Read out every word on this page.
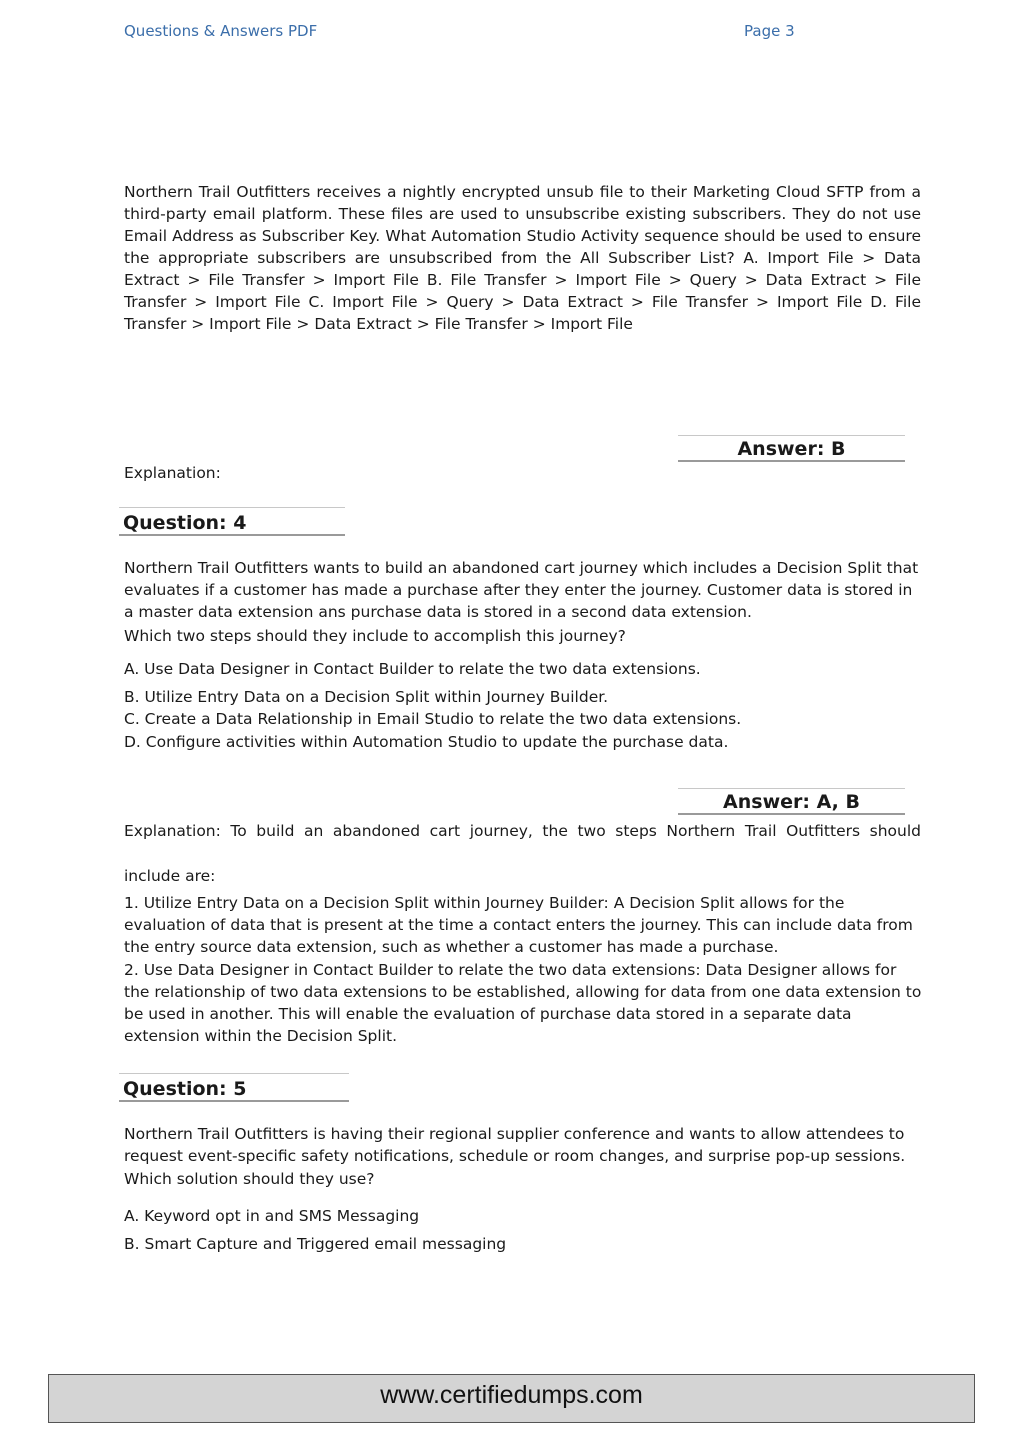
Questions & Answers PDF	Page 3

Northern Trail Outfitters receives a nightly encrypted unsub file to their Marketing Cloud SFTP from a third-party email platform. These files are used to unsubscribe existing subscribers. They do not use Email Address as Subscriber Key. What Automation Studio Activity sequence should be used to ensure the appropriate subscribers are unsubscribed from the All Subscriber List? A. Import File > Data Extract > File Transfer > Import File B. File Transfer > Import File > Query > Data Extract > File Transfer > Import File C. Import File > Query > Data Extract > File Transfer > Import File D. File Transfer > Import File > Data Extract > File Transfer > Import File

Answer: B
Explanation:
Question: 4
Northern Trail Outfitters wants to build an abandoned cart journey which includes a Decision Split that evaluates if a customer has made a purchase after they enter the journey. Customer data is stored in a master data extension ans purchase data is stored in a second data extension.
Which two steps should they include to accomplish this journey?
A. Use Data Designer in Contact Builder to relate the two data extensions.
B. Utilize Entry Data on a Decision Split within Journey Builder.
C. Create a Data Relationship in Email Studio to relate the two data extensions.
D. Configure activities within Automation Studio to update the purchase data.
Answer: A, B
Explanation: To build an abandoned cart journey, the two steps Northern Trail Outfitters should
include are:
1. Utilize Entry Data on a Decision Split within Journey Builder: A Decision Split allows for the evaluation of data that is present at the time a contact enters the journey. This can include data from the entry source data extension, such as whether a customer has made a purchase.
2. Use Data Designer in Contact Builder to relate the two data extensions: Data Designer allows for the relationship of two data extensions to be established, allowing for data from one data extension to be used in another. This will enable the evaluation of purchase data stored in a separate data extension within the Decision Split.
Question: 5
Northern Trail Outfitters is having their regional supplier conference and wants to allow attendees to request event-specific safety notifications, schedule or room changes, and surprise pop-up sessions.
Which solution should they use?
A. Keyword opt in and SMS Messaging
B. Smart Capture and Triggered email messaging
www.certifiedumps.com
